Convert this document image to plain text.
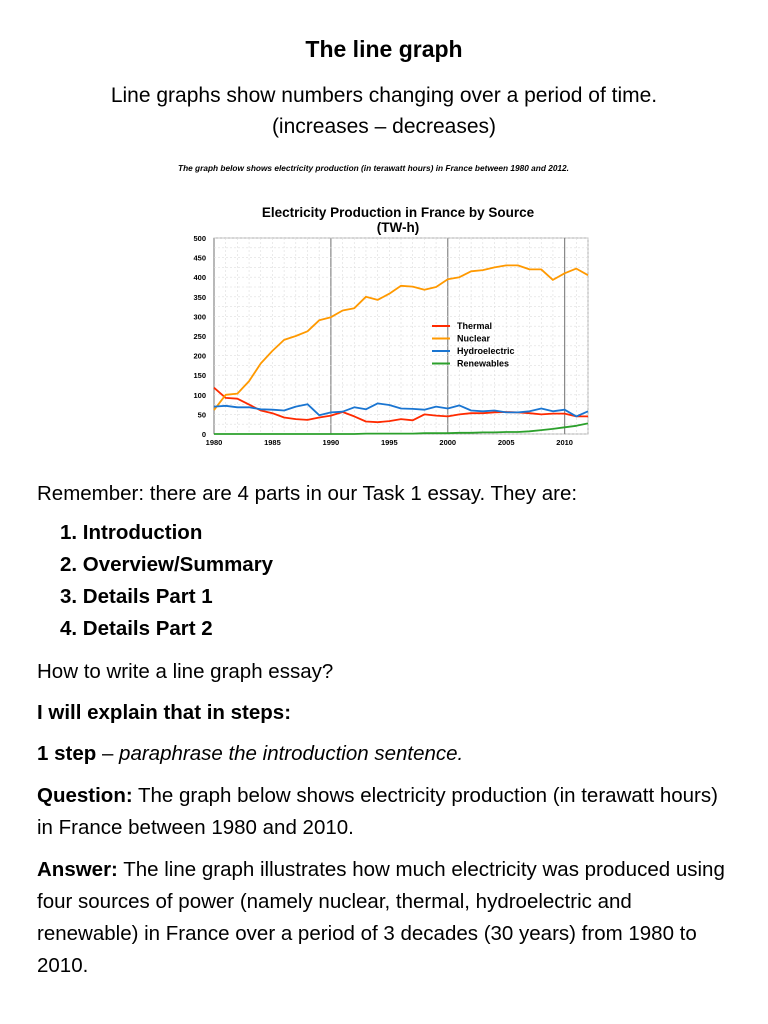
The line graph
Line graphs show numbers changing over a period of time.
(increases – decreases)
The graph below shows electricity production (in terawatt hours) in France between 1980 and 2012.
Electricity Production in France by Source
(TW-h)
0
50
100
150
200
250
300
350
400
450
500
1980	1985	1990	1995	2000	2005	2010
Thermal
Nuclear
Hydroelectric
Renewables
Remember: there are 4 parts in our Task 1 essay. They are:
1. Introduction
2. Overview/Summary
3. Details Part 1
4. Details Part 2
How to write a line graph essay?
I will explain that in steps:
1 step – paraphrase the introduction sentence.
Question: The graph below shows electricity production (in terawatt hours) in France between 1980 and 2010.
Answer: The line graph illustrates how much electricity was produced using four sources of power (namely nuclear, thermal, hydroelectric and renewable) in France over a period of 3 decades (30 years) from 1980 to 2010.
